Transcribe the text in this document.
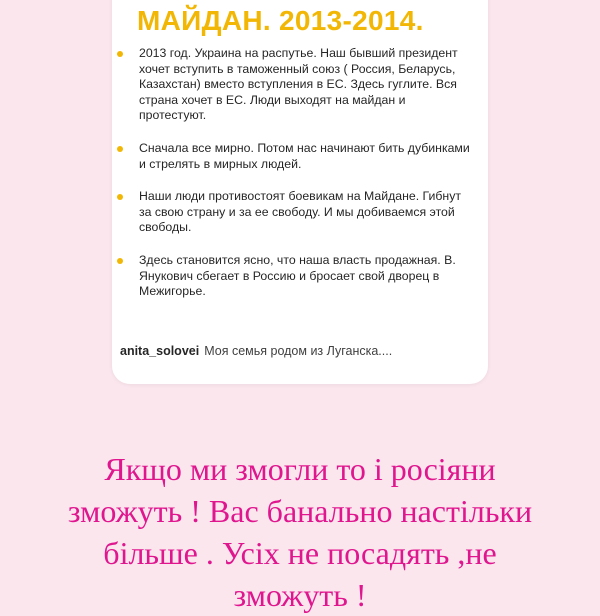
МАЙДАН. 2013-2014.
2013 год. Украина на распутье. Наш бывший президент хочет вступить в таможенный союз ( Россия, Беларусь, Казахстан) вместо вступления в ЕС. Здесь гуглите. Вся страна хочет в ЕС. Люди выходят на майдан и протестуют.
Сначала все мирно. Потом нас начинают бить дубинками и стрелять в мирных людей.
Наши люди противостоят боевикам на Майдане. Гибнут за свою страну и за ее свободу. И мы добиваемся этой свободы.
Здесь становится ясно, что наша власть продажная. В. Янукович сбегает в Россию и бросает свой дворец в Межигорье.
anita_solovei Моя семья родом из Луганска....

Якщо ми змогли то і росіяни
зможуть ! Вас банально настільки
більше . Усіх не посадять ,не
зможуть !
